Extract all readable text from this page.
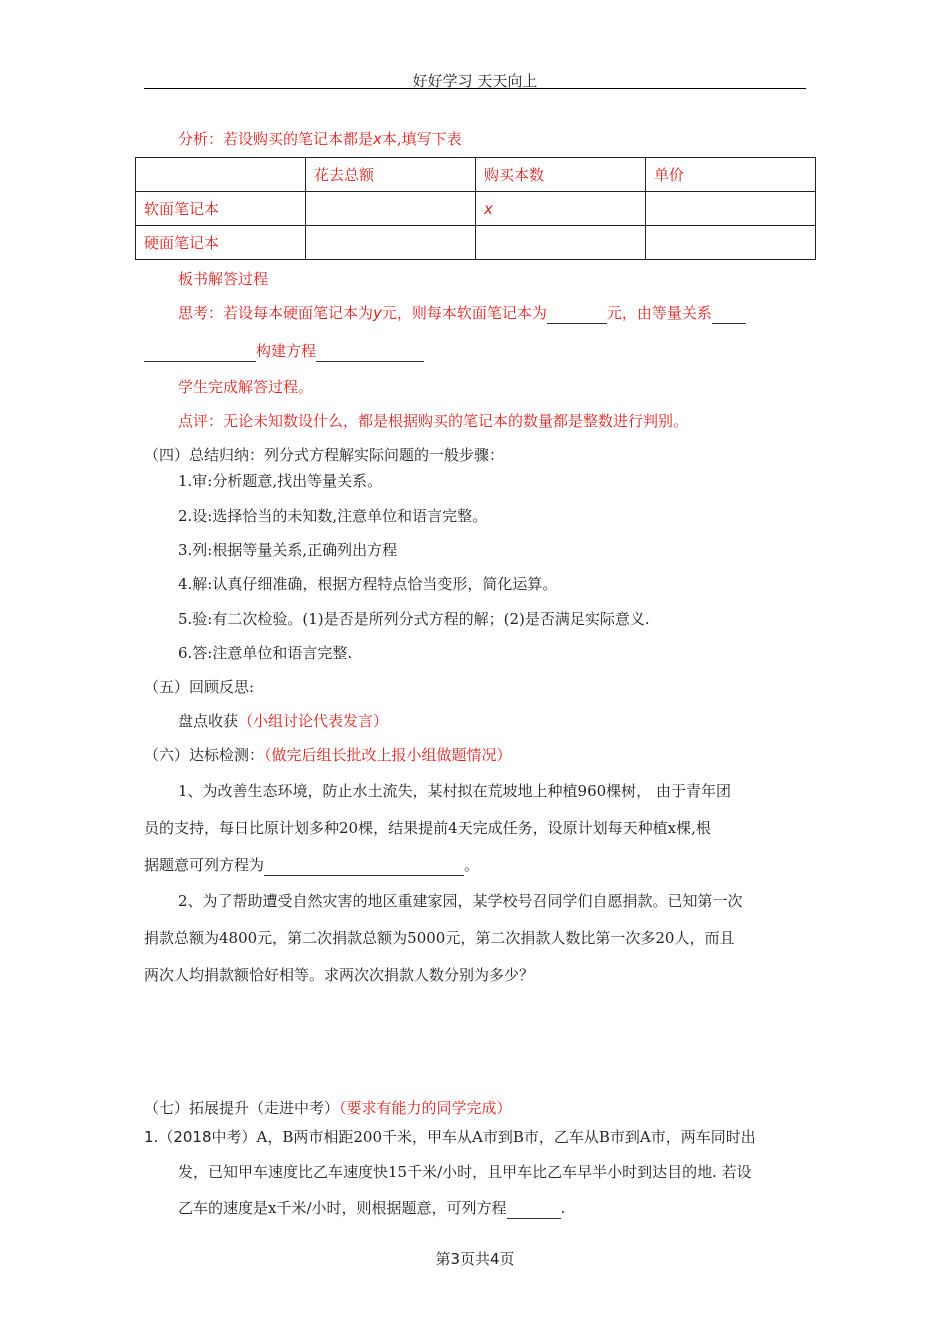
好好学习 天天向上
分析：若设购买的笔记本都是x本,填写下表
	花去总额	购买本数	单价
软面笔记本		x	
硬面笔记本			
板书解答过程
思考：若设每本硬面笔记本为y元，则每本软面笔记本为	元，由等量关系
构建方程
学生完成解答过程。
点评：无论未知数设什么，都是根据购买的笔记本的数量都是整数进行判别。
（四）总结归纳：列分式方程解实际问题的一般步骤：
1.审:分析题意,找出等量关系。
2.设:选择恰当的未知数,注意单位和语言完整。
3.列:根据等量关系,正确列出方程
4.解:认真仔细准确，根据方程特点恰当变形，简化运算。
5.验:有二次检验。(1)是否是所列分式方程的解；(2)是否满足实际意义.
6.答:注意单位和语言完整.
（五）回顾反思:
盘点收获（小组讨论代表发言）
（六）达标检测：（做完后组长批改上报小组做题情况）
1、为改善生态环境，防止水土流失，某村拟在荒坡地上种植960棵树， 由于青年团
员的支持，每日比原计划多种20棵，结果提前4天完成任务，设原计划每天种植x棵,根
据题意可列方程为	。
2、为了帮助遭受自然灾害的地区重建家园，某学校号召同学们自愿捐款。已知第一次
捐款总额为4800元，第二次捐款总额为5000元，第二次捐款人数比第一次多20人，而且
两次人均捐款额恰好相等。求两次次捐款人数分别为多少？
（七）拓展提升（走进中考）（要求有能力的同学完成）
1.（2018中考）A，B两市相距200千米，甲车从A市到B市，乙车从B市到A市，两车同时出
发，已知甲车速度比乙车速度快15千米/小时，且甲车比乙车早半小时到达目的地. 若设
乙车的速度是x千米/小时，则根据题意，可列方程	.
第3页共4页
